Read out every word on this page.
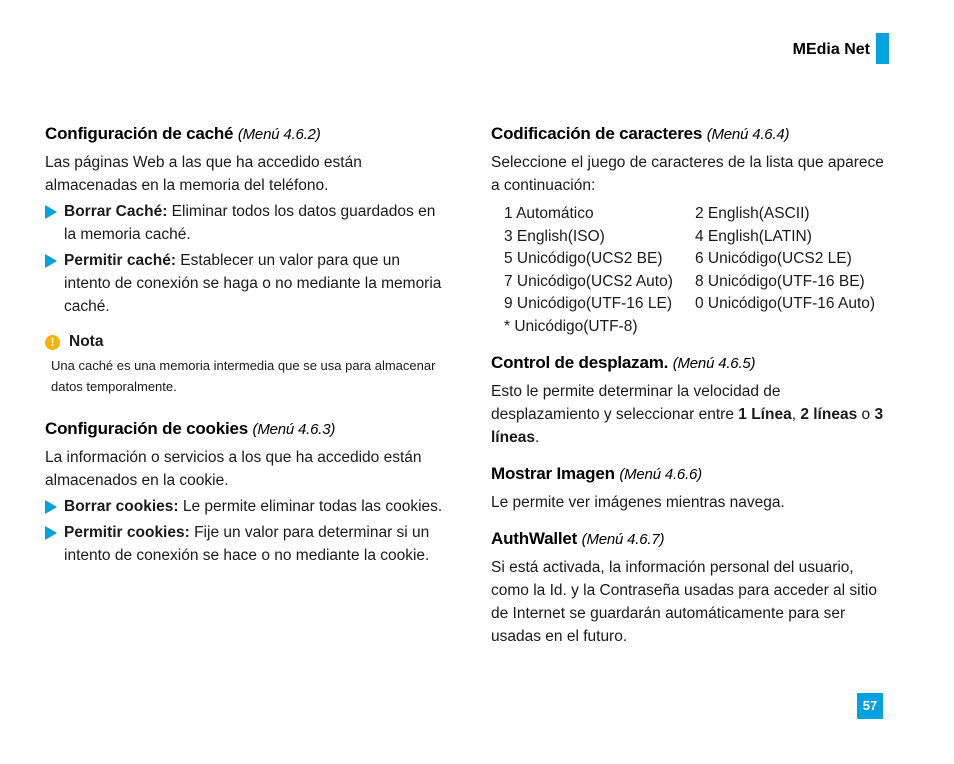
MEdia Net
Configuración de caché (Menú 4.6.2)

Las páginas Web a las que ha accedido están almacenadas en la memoria del teléfono.

Borrar Caché: Eliminar todos los datos guardados en la memoria caché.
Permitir caché: Establecer un valor para que un intento de conexión se haga o no mediante la memoria caché.
! Nota
Una caché es una memoria intermedia que se usa para almacenar datos temporalmente.
Configuración de cookies (Menú 4.6.3)

La información o servicios a los que ha accedido están almacenados en la cookie.

Borrar cookies: Le permite eliminar todas las cookies.
Permitir cookies: Fije un valor para determinar si un intento de conexión se hace o no mediante la cookie.
Codificación de caracteres (Menú 4.6.4)

Seleccione el juego de caracteres de la lista que aparece a continuación:

1 Automático	2 English(ASCII)
3 English(ISO)	4 English(LATIN)
5 Unicódigo(UCS2 BE)	6 Unicódigo(UCS2 LE)
7 Unicódigo(UCS2 Auto)	8 Unicódigo(UTF-16 BE)
9 Unicódigo(UTF-16 LE)	0 Unicódigo(UTF-16 Auto)
* Unicódigo(UTF-8)
Control de desplazam. (Menú 4.6.5)

Esto le permite determinar la velocidad de desplazamiento y seleccionar entre 1 Línea, 2 líneas o 3 líneas.

Mostrar Imagen (Menú 4.6.6)

Le permite ver imágenes mientras navega.

AuthWallet (Menú 4.6.7)

Si está activada, la información personal del usuario, como la Id. y la Contraseña usadas para acceder al sitio de Internet se guardarán automáticamente para ser usadas en el futuro.

57
